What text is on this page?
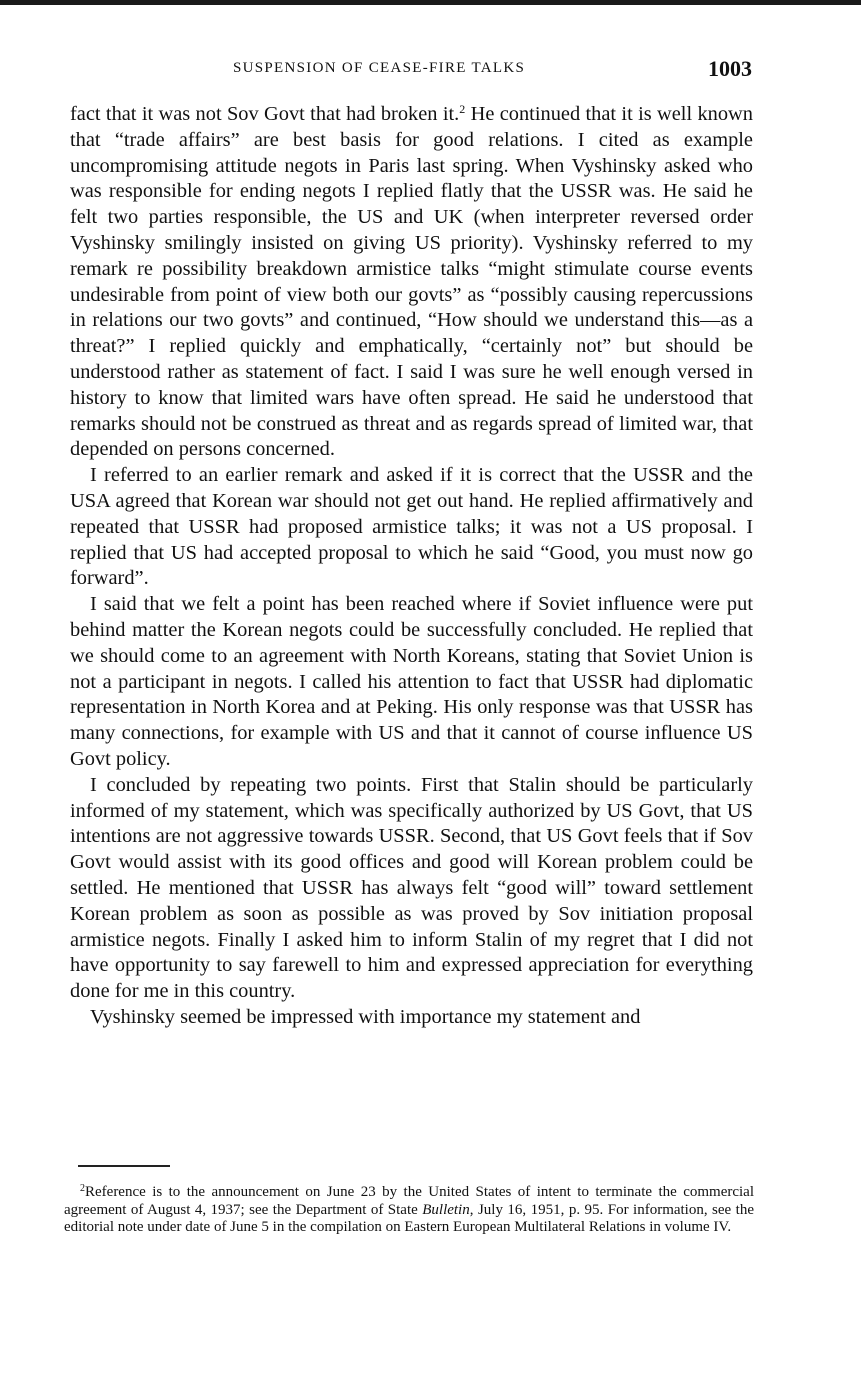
SUSPENSION OF CEASE-FIRE TALKS	1003

fact that it was not Sov Govt that had broken it.$^2$ He continued that it is well known that “trade affairs” are best basis for good relations. I cited as example uncompromising attitude negots in Paris last spring. When Vyshinsky asked who was responsible for ending negots I replied flatly that the USSR was. He said he felt two parties responsible, the US and UK (when interpreter reversed order Vyshinsky smilingly insisted on giving US priority). Vyshinsky referred to my remark re possibility breakdown armistice talks “might stimulate course events undesirable from point of view both our govts” as “possibly causing repercussions in relations our two govts” and continued, “How should we understand this—as a threat?” I replied quickly and emphatically, “certainly not” but should be understood rather as statement of fact. I said I was sure he well enough versed in history to know that limited wars have often spread. He said he understood that remarks should not be construed as threat and as regards spread of limited war, that depended on persons concerned.

I referred to an earlier remark and asked if it is correct that the USSR and the USA agreed that Korean war should not get out hand. He replied affirmatively and repeated that USSR had proposed armistice talks; it was not a US proposal. I replied that US had accepted proposal to which he said “Good, you must now go forward”.

I said that we felt a point has been reached where if Soviet influence were put behind matter the Korean negots could be successfully concluded. He replied that we should come to an agreement with North Koreans, stating that Soviet Union is not a participant in negots. I called his attention to fact that USSR had diplomatic representation in North Korea and at Peking. His only response was that USSR has many connections, for example with US and that it cannot of course influence US Govt policy.

I concluded by repeating two points. First that Stalin should be particularly informed of my statement, which was specifically authorized by US Govt, that US intentions are not aggressive towards USSR. Second, that US Govt feels that if Sov Govt would assist with its good offices and good will Korean problem could be settled. He mentioned that USSR has always felt “good will” toward settlement Korean problem as soon as possible as was proved by Sov initiation proposal armistice negots. Finally I asked him to inform Stalin of my regret that I did not have opportunity to say farewell to him and expressed appreciation for everything done for me in this country.

Vyshinsky seemed be impressed with importance my statement and

$^2$Reference is to the announcement on June 23 by the United States of intent to terminate the commercial agreement of August 4, 1937; see the Department of State Bulletin, July 16, 1951, p. 95. For information, see the editorial note under date of June 5 in the compilation on Eastern European Multilateral Relations in volume IV.
